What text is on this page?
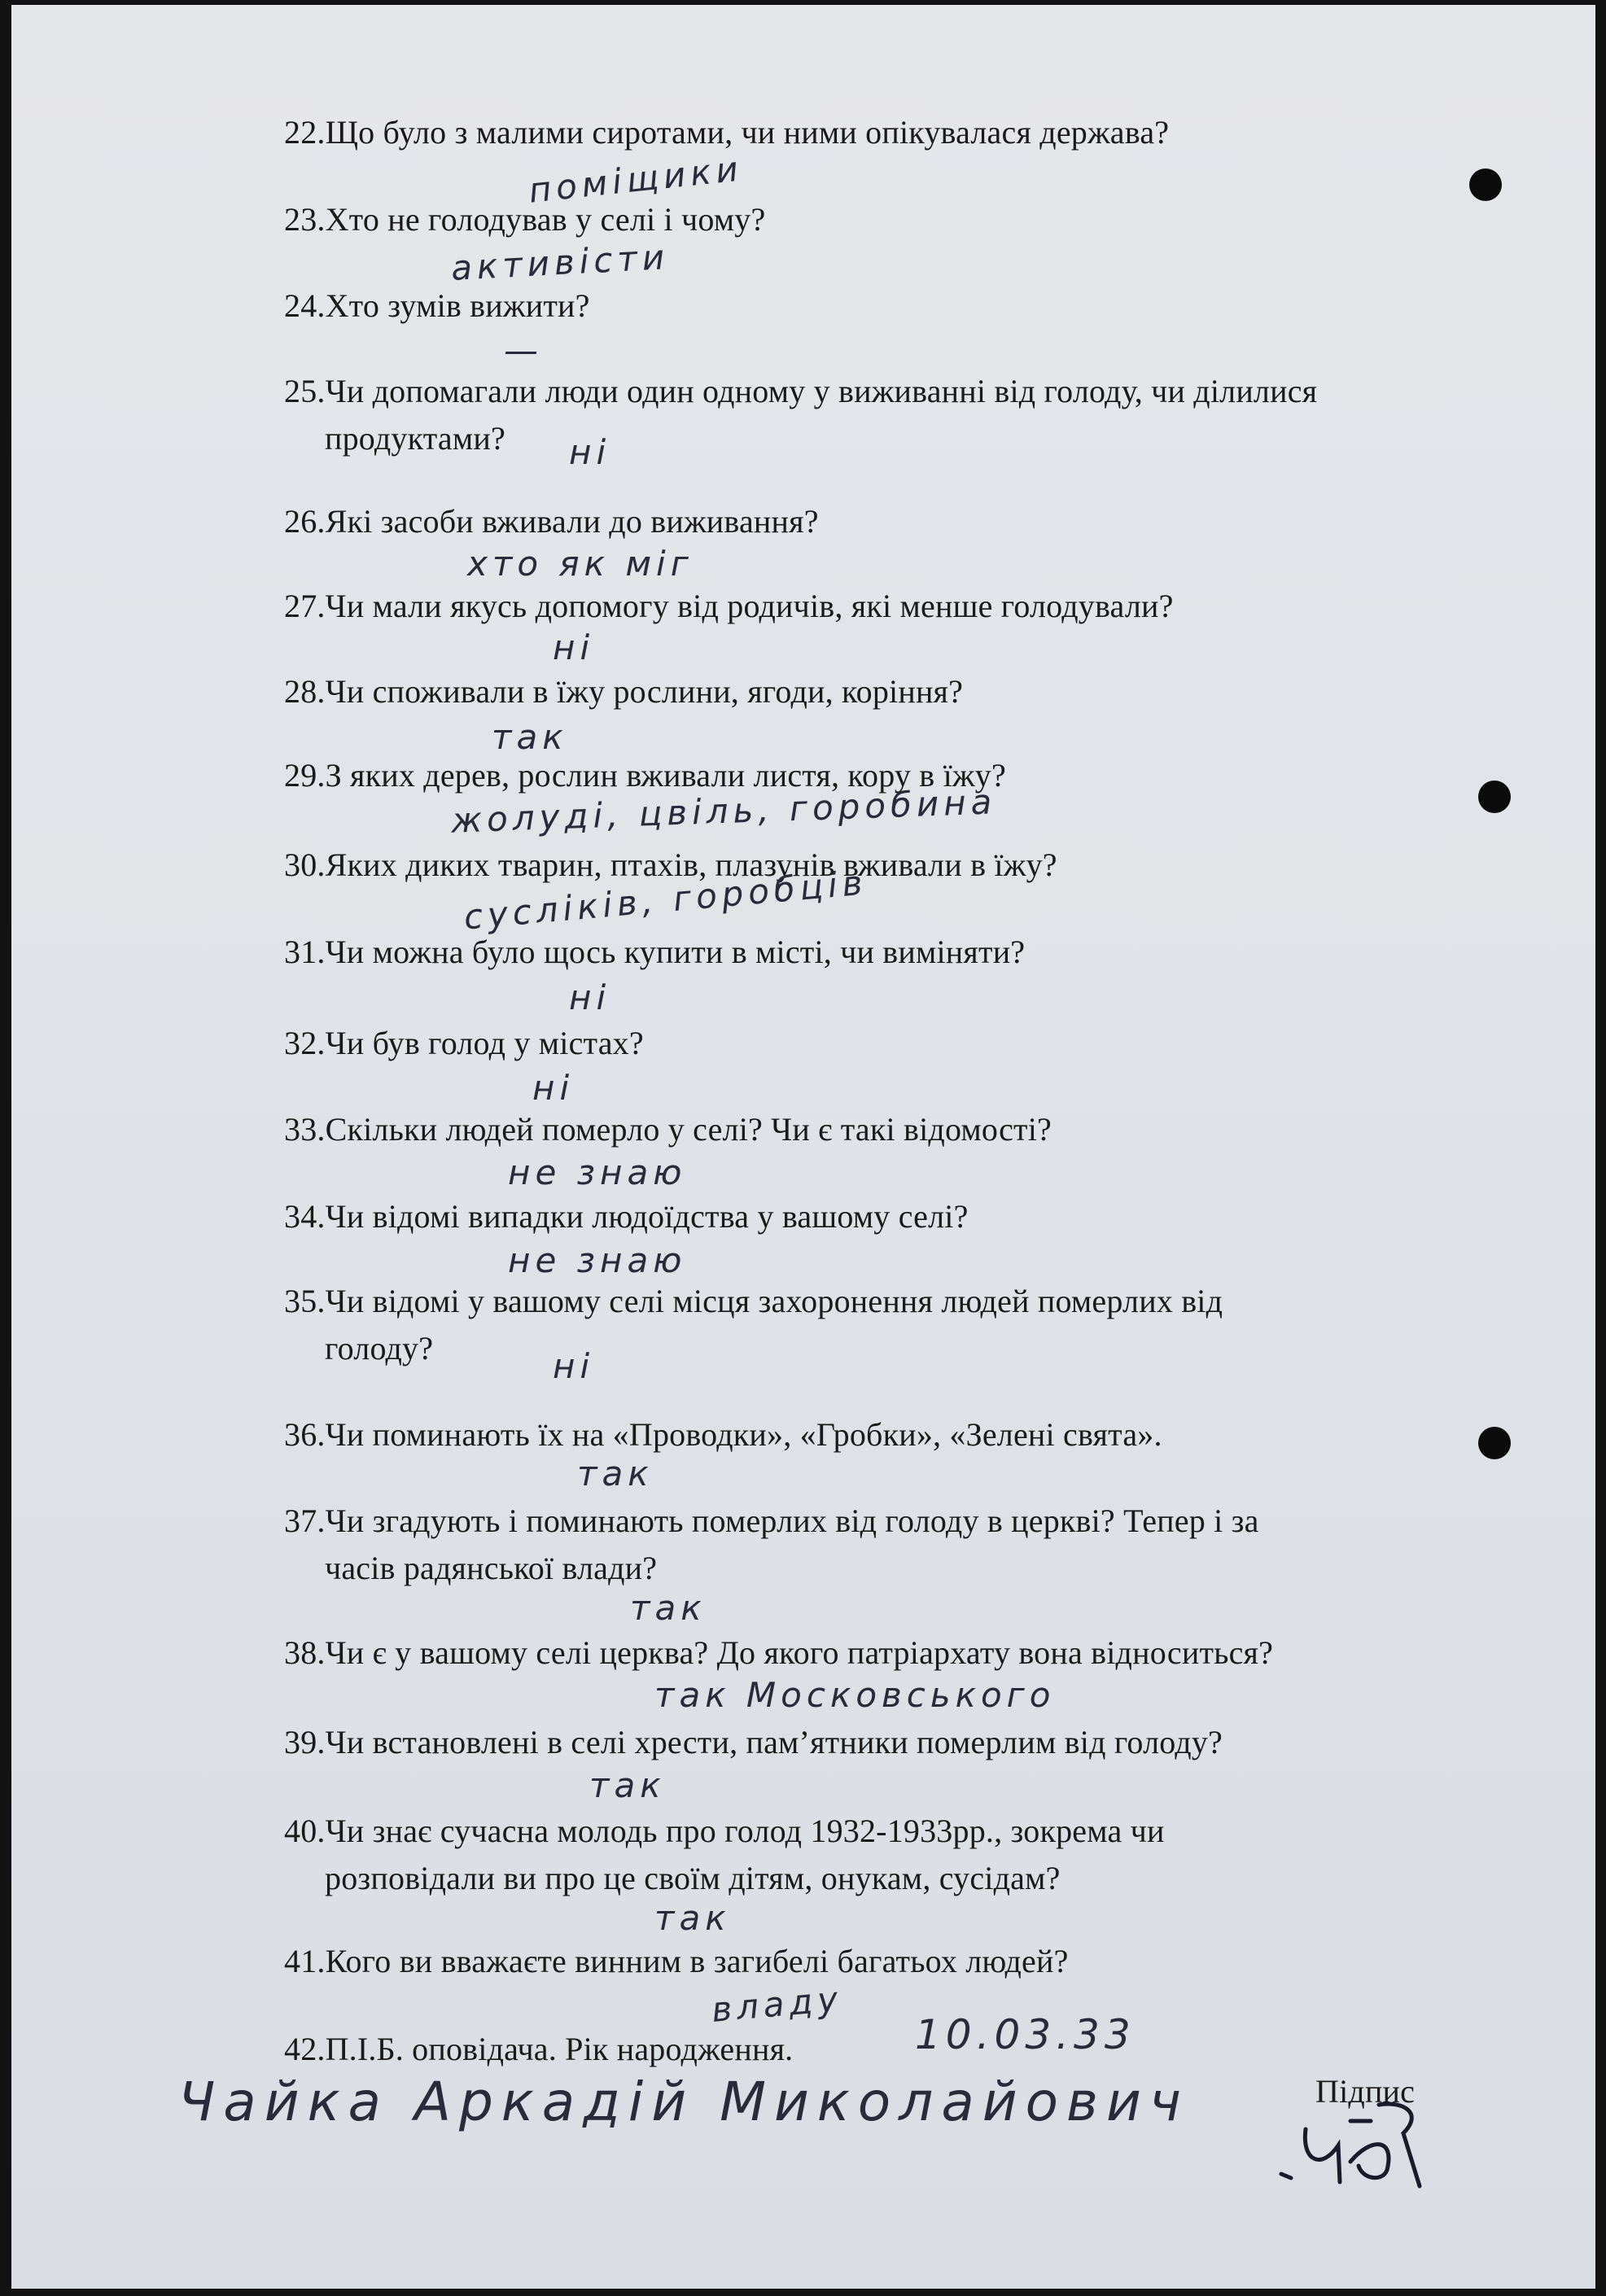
22.Що було з малими сиротами, чи ними опікувалася держава?
23.Хто не голодував у селі і чому?
24.Хто зумів вижити?
25.Чи допомагали люди один одному у виживанні від голоду, чи ділилися
продуктами?
26.Які засоби вживали до виживання?
27.Чи мали якусь допомогу від родичів, які менше голодували?
28.Чи споживали в їжу рослини, ягоди, коріння?
29.З яких дерев, рослин вживали листя, кору в їжу?
30.Яких диких тварин, птахів, плазунів вживали в їжу?
31.Чи можна було щось купити в місті, чи виміняти?
32.Чи був голод у містах?
33.Скільки людей померло у селі? Чи є такі відомості?
34.Чи відомі випадки людоїдства у вашому селі?
35.Чи відомі у вашому селі місця захоронення людей померлих від
голоду?
36.Чи поминають їх на «Проводки», «Гробки», «Зелені свята».
37.Чи згадують і поминають померлих від голоду в церкві? Тепер і за
часів радянської влади?
38.Чи є у вашому селі церква? До якого патріархату вона відноситься?
39.Чи встановлені в селі хрести, пам’ятники померлим від голоду?
40.Чи знає сучасна молодь про голод 1932-1933рр., зокрема чи
розповідали ви про це своїм дітям, онукам, сусідам?
41.Кого ви вважаєте винним в загибелі багатьох людей?
42.П.І.Б. оповідача. Рік народження.
Підпис
поміщики
активісти
—
ні
хто як міг
ні
так
жолуді, цвіль, горобина
сусліків, горобців
ні
ні
не знаю
не знаю
ні
так
так
так Московського
так
так
владу
10.03.33
Чайка Аркадій Миколайович
